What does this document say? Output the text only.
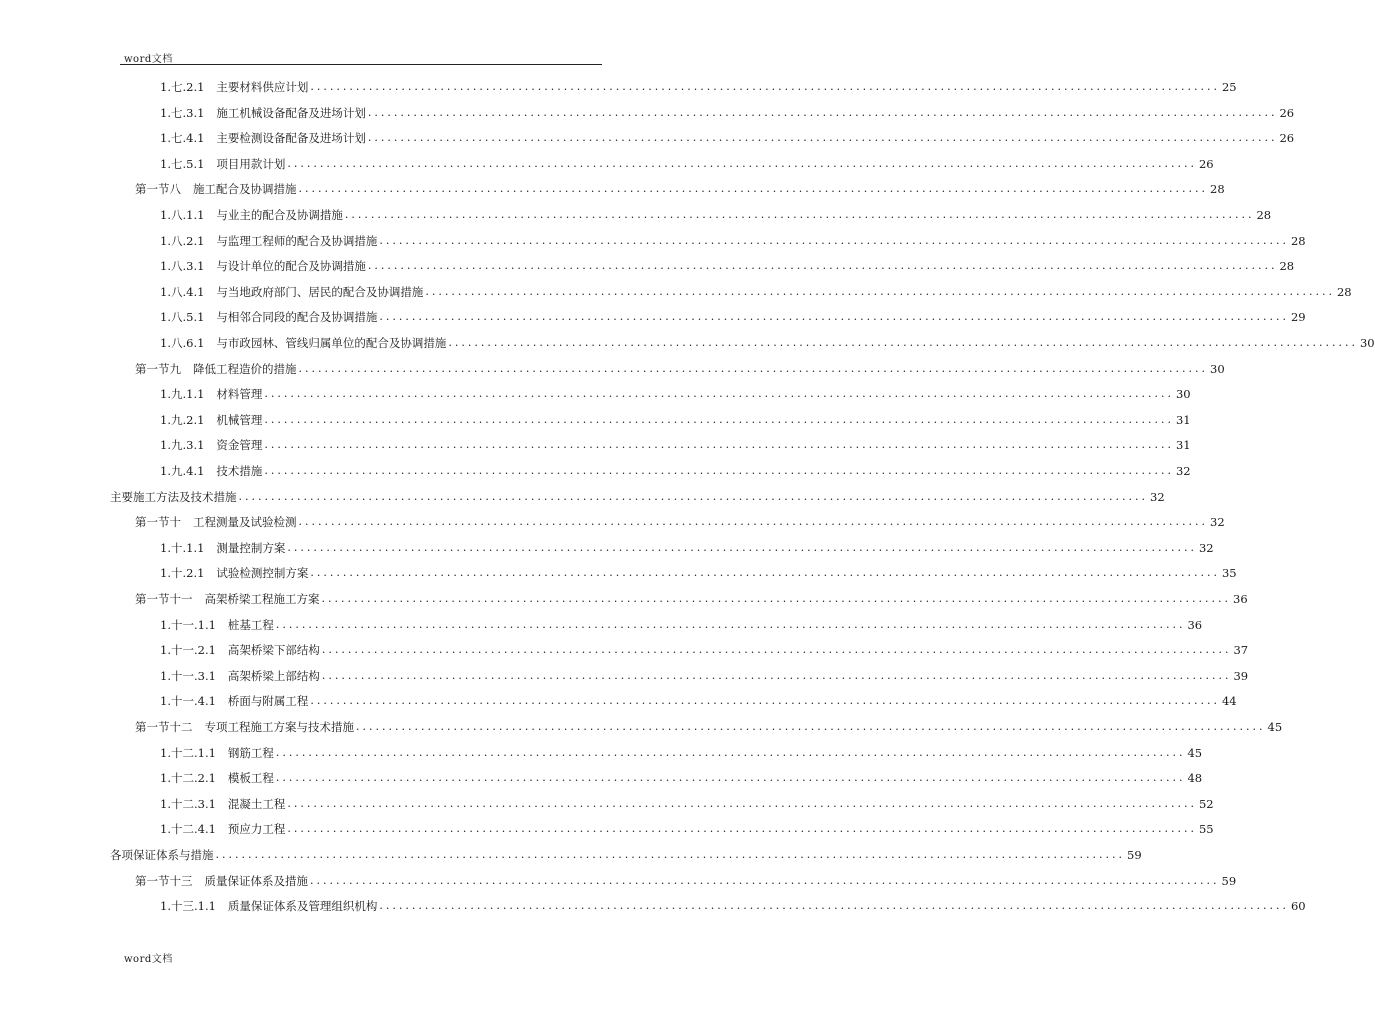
word文档
1.七.2.1 主要材料供应计划 ............................................................................................................................................ 25
1.七.3.1 施工机械设备配备及进场计划 ............................................................................................................................................ 26
1.七.4.1 主要检测设备配备及进场计划 ............................................................................................................................................ 26
1.七.5.1 项目用款计划 ............................................................................................................................................ 26
第一节八 施工配合及协调措施 ............................................................................................................................................ 28
1.八.1.1 与业主的配合及协调措施 ............................................................................................................................................ 28
1.八.2.1 与监理工程师的配合及协调措施 ............................................................................................................................................ 28
1.八.3.1 与设计单位的配合及协调措施 ............................................................................................................................................ 28
1.八.4.1 与当地政府部门、居民的配合及协调措施 ............................................................................................................................................ 28
1.八.5.1 与相邻合同段的配合及协调措施 ............................................................................................................................................ 29
1.八.6.1 与市政园林、管线归属单位的配合及协调措施 ............................................................................................................................................ 30
第一节九 降低工程造价的措施 ............................................................................................................................................ 30
1.九.1.1 材料管理 ............................................................................................................................................ 30
1.九.2.1 机械管理 ............................................................................................................................................ 31
1.九.3.1 资金管理 ............................................................................................................................................ 31
1.九.4.1 技术措施 ............................................................................................................................................ 32
主要施工方法及技术措施 ............................................................................................................................................ 32
第一节十 工程测量及试验检测 ............................................................................................................................................ 32
1.十.1.1 测量控制方案 ............................................................................................................................................ 32
1.十.2.1 试验检测控制方案 ............................................................................................................................................ 35
第一节十一 高架桥梁工程施工方案 ............................................................................................................................................ 36
1.十一.1.1 桩基工程 ............................................................................................................................................ 36
1.十一.2.1 高架桥梁下部结构 ............................................................................................................................................ 37
1.十一.3.1 高架桥梁上部结构 ............................................................................................................................................ 39
1.十一.4.1 桥面与附属工程 ............................................................................................................................................ 44
第一节十二 专项工程施工方案与技术措施 ............................................................................................................................................ 45
1.十二.1.1 钢筋工程 ............................................................................................................................................ 45
1.十二.2.1 模板工程 ............................................................................................................................................ 48
1.十二.3.1 混凝土工程 ............................................................................................................................................ 52
1.十二.4.1 预应力工程 ............................................................................................................................................ 55
各项保证体系与措施 ............................................................................................................................................ 59
第一节十三 质量保证体系及措施 ............................................................................................................................................ 59
1.十三.1.1 质量保证体系及管理组织机构 ............................................................................................................................................ 60
word文档
